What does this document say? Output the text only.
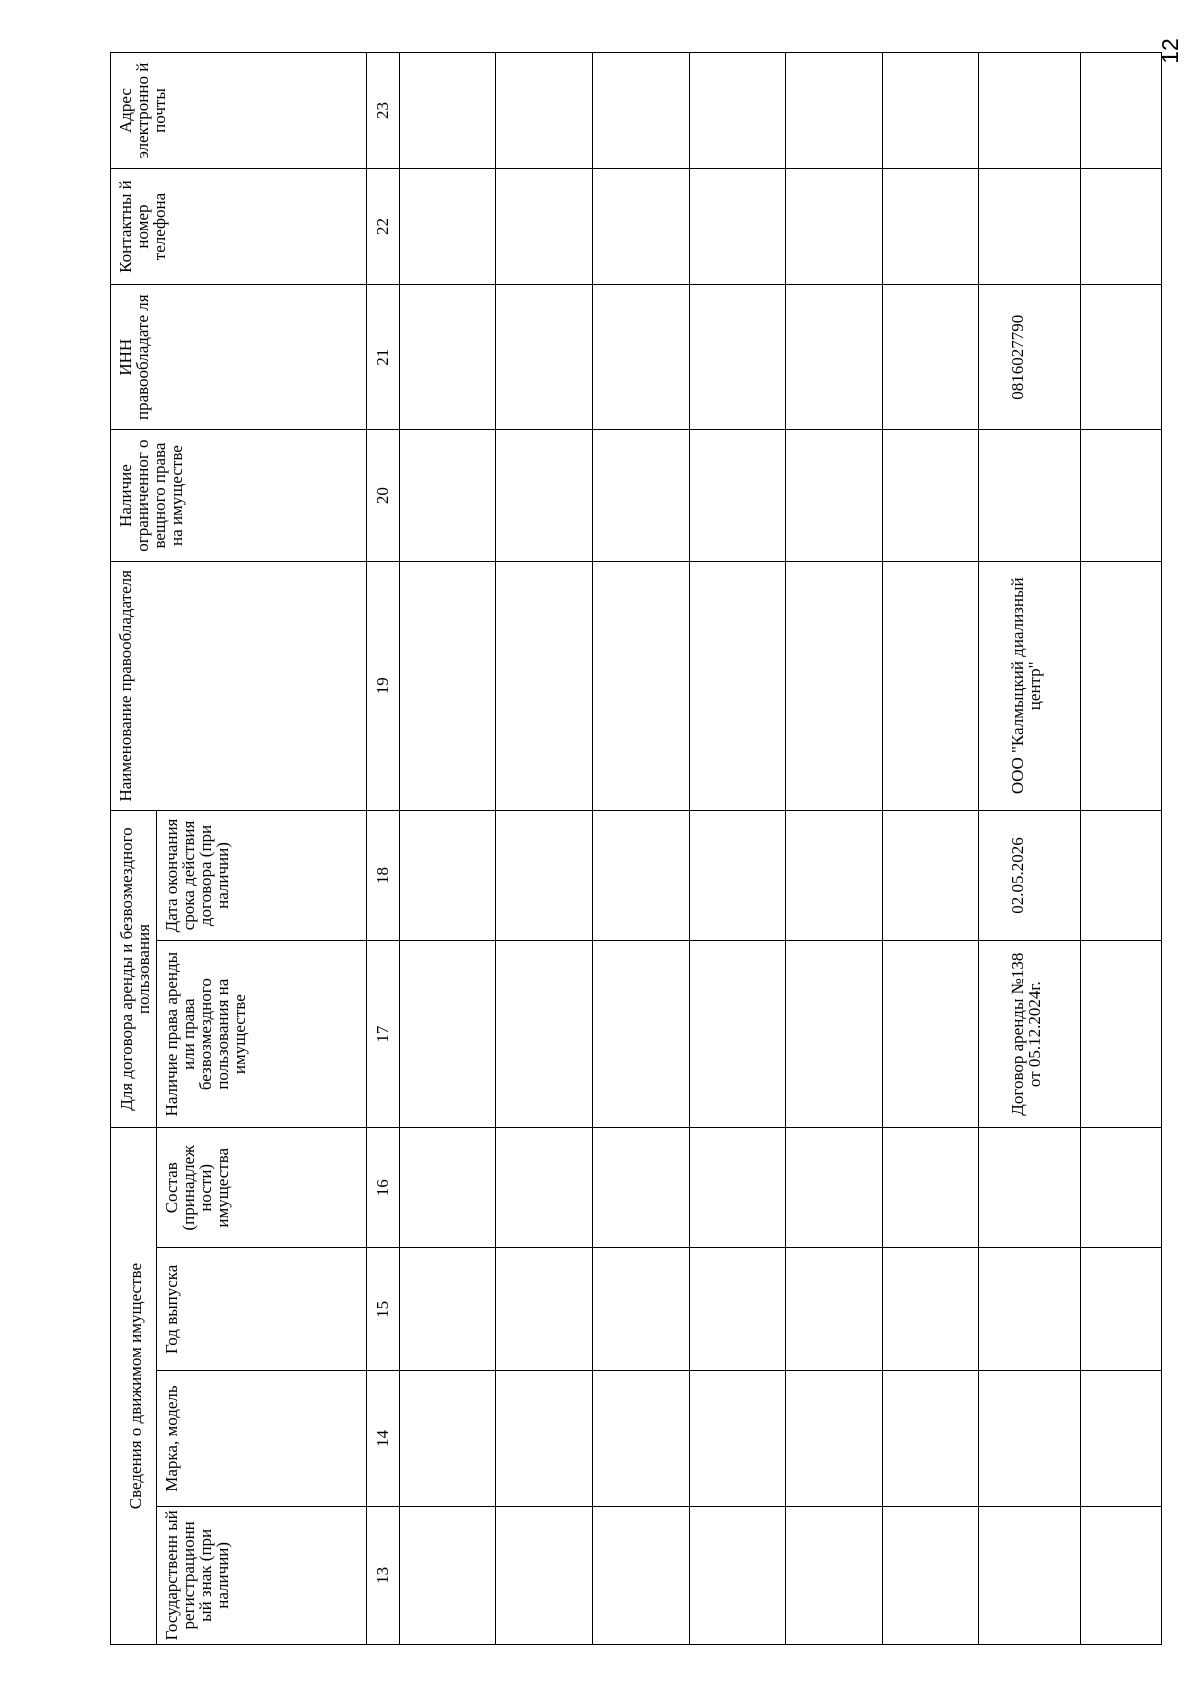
12
Сведения о движимом имуществе				Для договора аренды и безвозмездного пользования		Наименование правообладателя	Наличие ограниченног о вещного права на имуществе	ИНН правообладате ля	Контактны й номер телефона	Адрес электронно й почты
Государственн ый регистрационн ый знак (при наличии)	Марка, модель	Год выпуска	Состав (принадлеж ности) имущества	Наличие права аренды или права безвозмездного пользования на имуществе	Дата окончания срока действия договора (при наличии)					
13	14	15	16	17	18	19	20	21	22	23

				Договор аренды №138 от 05.12.2024г.	02.05.2026	ООО "Калмыцкий диализный центр"		0816027790		
